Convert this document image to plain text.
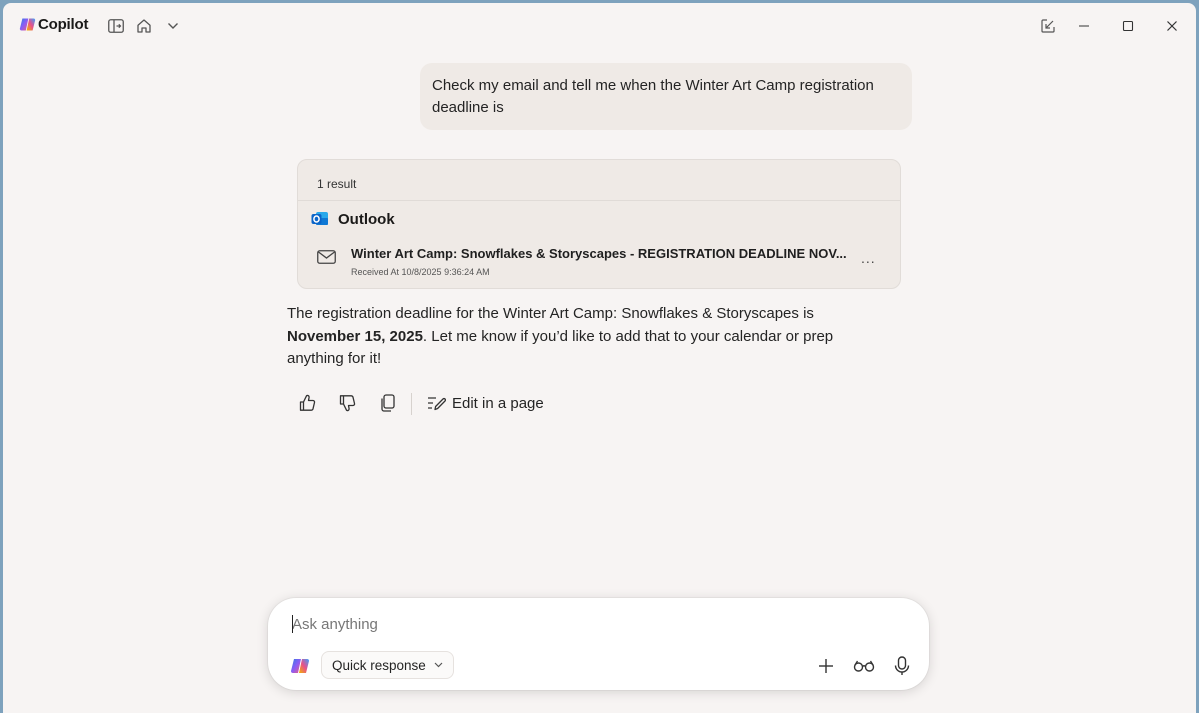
Copilot
Check my email and tell me when the Winter Art Camp registration deadline is
1 result
Outlook
Winter Art Camp: Snowflakes & Storyscapes - REGISTRATION DEADLINE NOV...
Received At 10/8/2025 9:36:24 AM
...
The registration deadline for the Winter Art Camp: Snowflakes & Storyscapes is November 15, 2025. Let me know if you’d like to add that to your calendar or prep anything for it!
Edit in a page
Ask anything
Quick response
